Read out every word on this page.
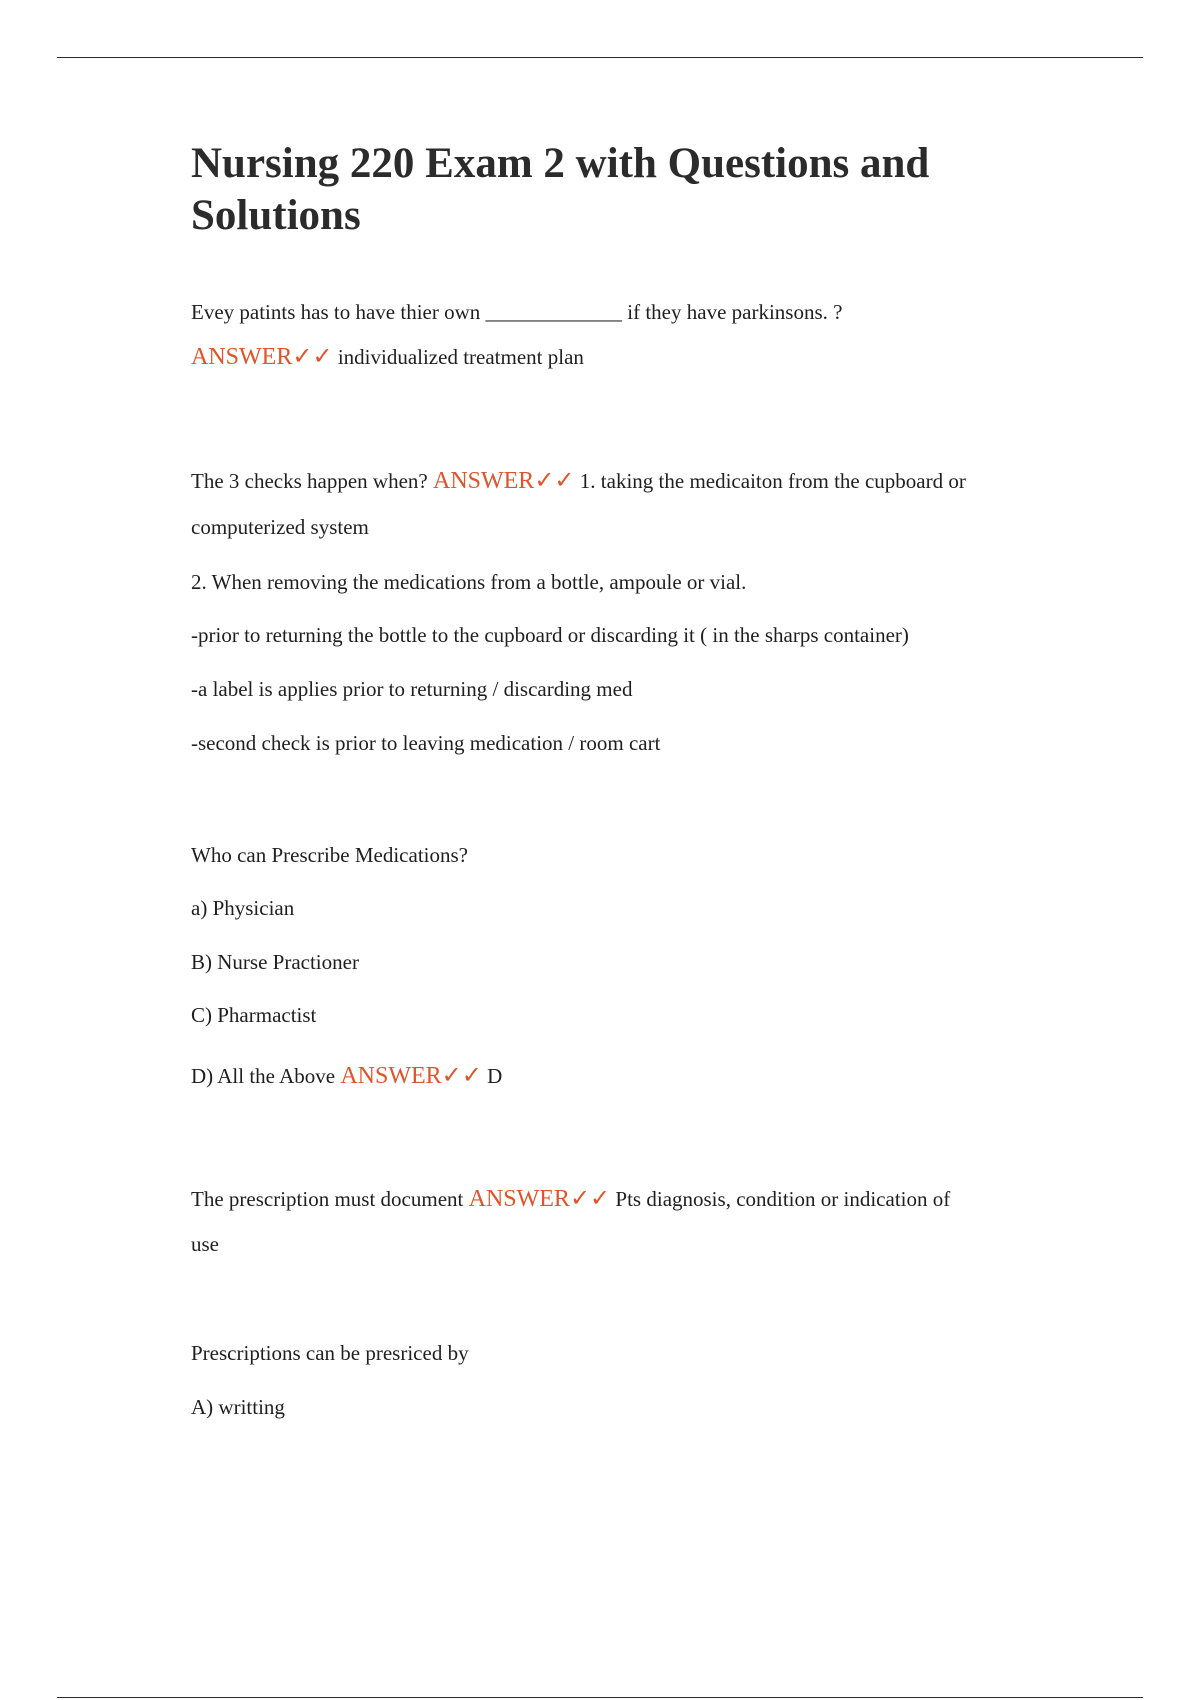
Nursing 220 Exam 2 with Questions and
Solutions

Evey patints has to have thier own _____________ if they have parkinsons. ?

ANSWER✓✓ individualized treatment plan

The 3 checks happen when? ANSWER✓✓ 1. taking the medicaiton from the cupboard or

computerized system

2. When removing the medications from a bottle, ampoule or vial.

-prior to returning the bottle to the cupboard or discarding it ( in the sharps container)

-a label is applies prior to returning / discarding med

-second check is prior to leaving medication / room cart

Who can Prescribe Medications?

a) Physician

B) Nurse Practioner

C) Pharmactist

D) All the Above ANSWER✓✓ D

The prescription must document ANSWER✓✓ Pts diagnosis, condition or indication of

use

Prescriptions can be presriced by

A) writting
